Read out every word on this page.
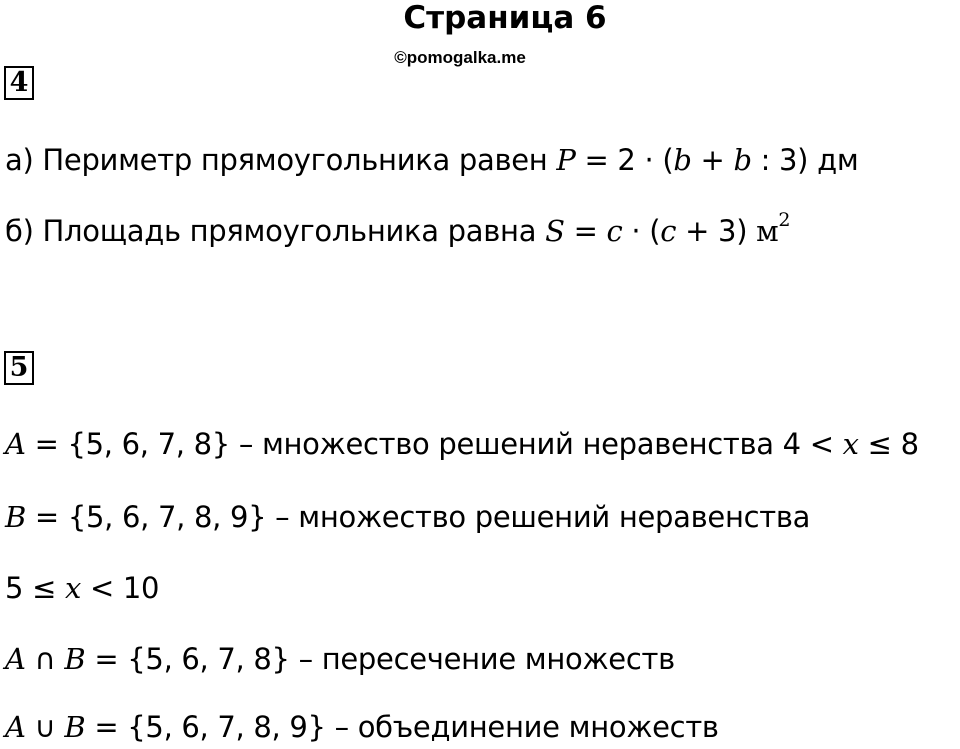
Страница 6
©pomogalka.me
4
а) Периметр прямоугольника равен P = 2 · (b + b : 3) дм
б) Площадь прямоугольника равна S = c · (c + 3) $м^2$
5
A = {5, 6, 7, 8} – множество решений неравенства 4 < x ≤ 8
B = {5, 6, 7, 8, 9} – множество решений неравенства
5 ≤ x < 10
A ∩ B = {5, 6, 7, 8} – пересечение множеств
A ∪ B = {5, 6, 7, 8, 9} – объединение множеств
